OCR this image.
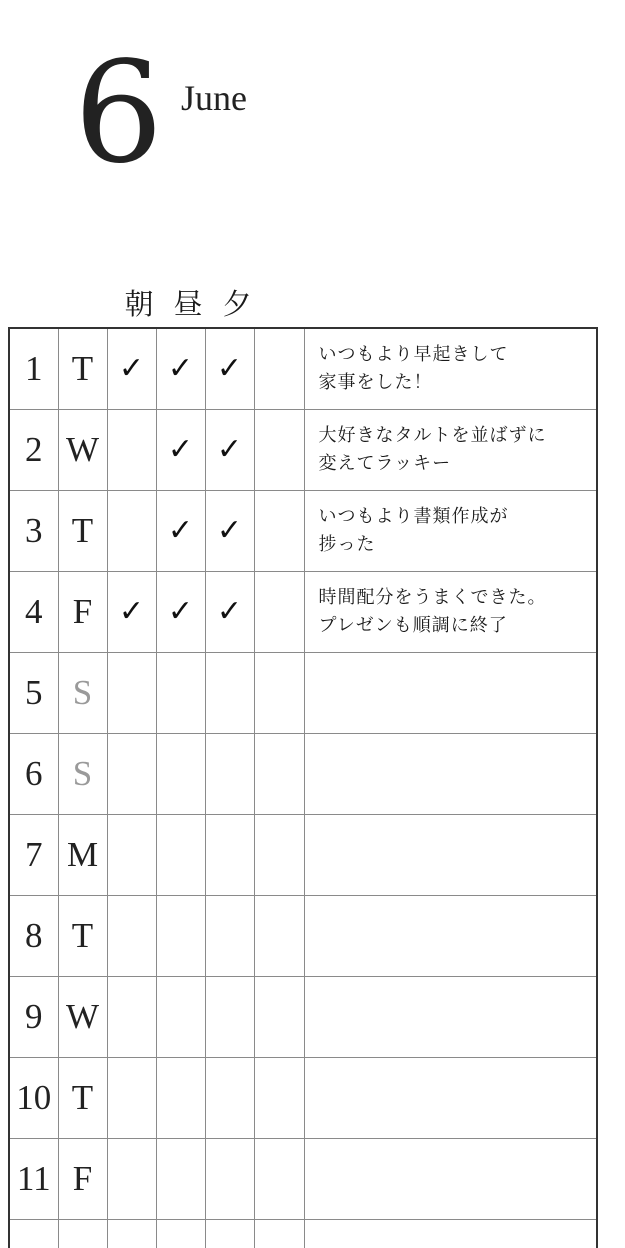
6 June
朝 昼 夕
1	T	✓	✓	✓		いつもより早起きして
家事をした！

2	W		✓	✓		大好きなタルトを並ばずに
変えてラッキー

3	T		✓	✓		いつもより書類作成が
捗った

4	F	✓	✓	✓		時間配分をうまくできた。
プレゼンも順調に終了

5	S					

6	S					

7	M					

8	T					

9	W					

10	T					

11	F					
